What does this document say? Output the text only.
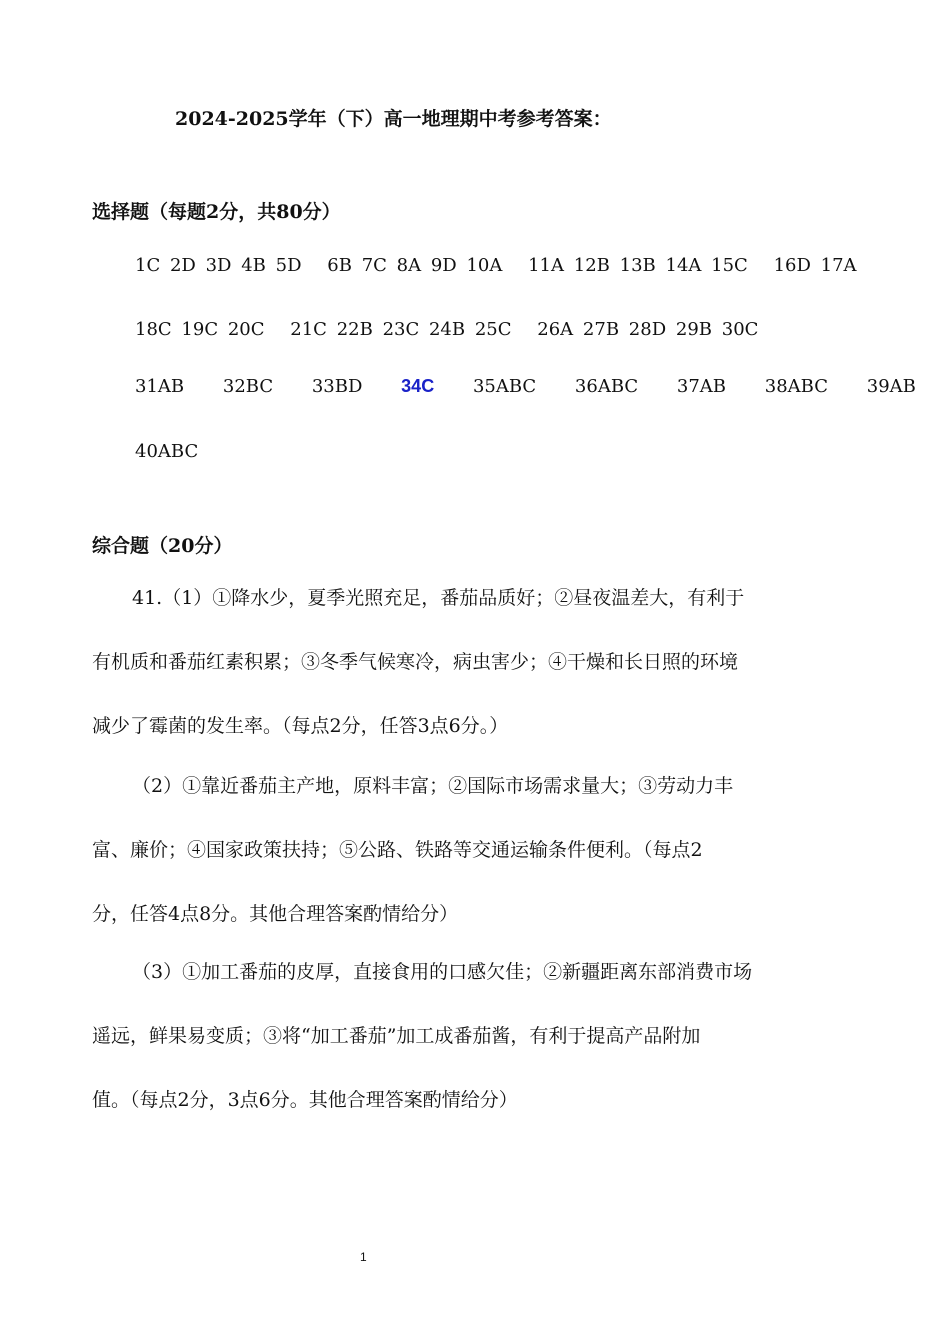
2024-2025学年（下）高一地理期中考参考答案：
选择题（每题2分，共80分）
1C 2D 3D 4B 5D 6B 7C 8A 9D 10A 11A 12B 13B 14A 15C 16D 17A
18C 19C 20C 21C 22B 23C 24B 25C 26A 27B 28D 29B 30C
31AB 32BC 33BD 34C 35ABC 36ABC 37AB 38ABC 39AB
40ABC
综合题（20分）
41.（1）①降水少，夏季光照充足，番茄品质好；②昼夜温差大，有利于
有机质和番茄红素积累；③冬季气候寒冷，病虫害少；④干燥和长日照的环境
减少了霉菌的发生率。（每点2分，任答3点6分。）
（2）①靠近番茄主产地，原料丰富；②国际市场需求量大；③劳动力丰
富、廉价；④国家政策扶持；⑤公路、铁路等交通运输条件便利。（每点2
分，任答4点8分。其他合理答案酌情给分）
（3）①加工番茄的皮厚，直接食用的口感欠佳；②新疆距离东部消费市场
遥远，鲜果易变质；③将“加工番茄”加工成番茄酱，有利于提高产品附加
值。（每点2分，3点6分。其他合理答案酌情给分）
1
